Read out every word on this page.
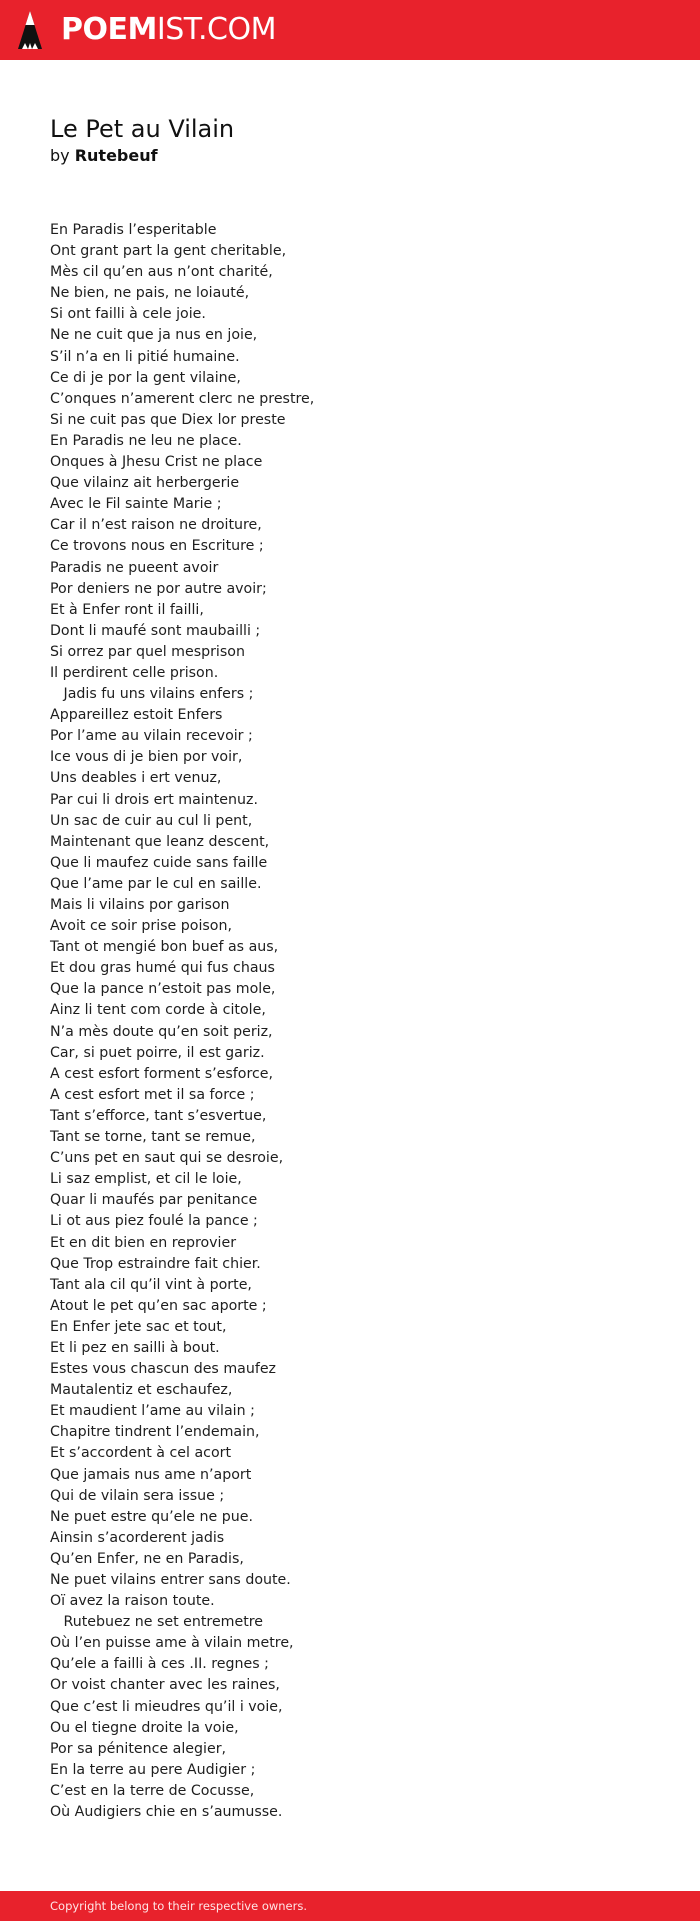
POEMIST.COM
Le Pet au Vilain

by Rutebeuf

En Paradis l’esperitable
Ont grant part la gent cheritable,
Mès cil qu’en aus n’ont charité,
Ne bien, ne pais, ne loiauté,
Si ont failli à cele joie.
Ne ne cuit que ja nus en joie,
S’il n’a en li pitié humaine.
Ce di je por la gent vilaine,
C’onques n’amerent clerc ne prestre,
Si ne cuit pas que Diex lor preste
En Paradis ne leu ne place.
Onques à Jhesu Crist ne place
Que vilainz ait herbergerie
Avec le Fil sainte Marie ;
Car il n’est raison ne droiture,
Ce trovons nous en Escriture ;
Paradis ne pueent avoir
Por deniers ne por autre avoir;
Et à Enfer ront il failli,
Dont li maufé sont maubailli ;
Si orrez par quel mesprison
Il perdirent celle prison.
Jadis fu uns vilains enfers ;
Appareillez estoit Enfers
Por l’ame au vilain recevoir ;
Ice vous di je bien por voir,
Uns deables i ert venuz,
Par cui li drois ert maintenuz.
Un sac de cuir au cul li pent,
Maintenant que leanz descent,
Que li maufez cuide sans faille
Que l’ame par le cul en saille.
Mais li vilains por garison
Avoit ce soir prise poison,
Tant ot mengié bon buef as aus,
Et dou gras humé qui fus chaus
Que la pance n’estoit pas mole,
Ainz li tent com corde à citole,
N’a mès doute qu’en soit periz,
Car, si puet poirre, il est gariz.
A cest esfort forment s’esforce,
A cest esfort met il sa force ;
Tant s’efforce, tant s’esvertue,
Tant se torne, tant se remue,
C’uns pet en saut qui se desroie,
Li saz emplist, et cil le loie,
Quar li maufés par penitance
Li ot aus piez foulé la pance ;
Et en dit bien en reprovier
Que Trop estraindre fait chier.
Tant ala cil qu’il vint à porte,
Atout le pet qu’en sac aporte ;
En Enfer jete sac et tout,
Et li pez en sailli à bout.
Estes vous chascun des maufez
Mautalentiz et eschaufez,
Et maudient l’ame au vilain ;
Chapitre tindrent l’endemain,
Et s’accordent à cel acort
Que jamais nus ame n’aport
Qui de vilain sera issue ;
Ne puet estre qu’ele ne pue.
Ainsin s’acorderent jadis
Qu’en Enfer, ne en Paradis,
Ne puet vilains entrer sans doute.
Oï avez la raison toute.
Rutebuez ne set entremetre
Où l’en puisse ame à vilain metre,
Qu’ele a failli à ces .II. regnes ;
Or voist chanter avec les raines,
Que c’est li mieudres qu’il i voie,
Ou el tiegne droite la voie,
Por sa pénitence alegier,
En la terre au pere Audigier ;
C’est en la terre de Cocusse,
Où Audigiers chie en s’aumusse.
Copyright belong to their respective owners.
